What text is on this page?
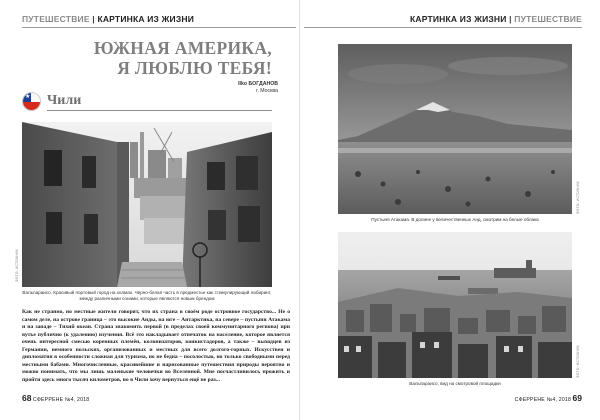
ПУТЕШЕСТВИЕ | КАРТИНКА ИЗ ЖИЗНИ
ЮЖНАЯ АМЕРИКА,
Я ЛЮБЛЮ ТЕБЯ!
Ilko БОГДАНОВ
г. Москва
★ Чили
ФОТО: ИСТОЧНИК
Вальпараисо. Красивый портовый город на холмах. Черно-белая часть в предместье как стимулирующий лабиринт,
между различными сонами, которые являются новым брендом
Как не странно, но местные жители говорят, что их страна в своём роде островное государство... Не о самом деле, на острове граница – это высокие Анды, на юге – Антарктика, на севере – пустыня Атакама и на западе – Тихий океан. Страна знакомить первой (в пределах своей коммунитарного региона) при вутье публично (к удалению) изучения. Всё это накладывает отпечаток на население, которое является очень интересной смесью коренных племён, колонизаторов, конкистадоров, а также – выходцев из Германии, немного польских, организованных и местных для всего долгого-горных. Искусствен и дипломатия в особенности сложная для туризма, но не бедна – посолостью, но только свободными перед местными бабами. Многочисленные, красивейшие и нарисованные путешествия природы вероятно и можно понимать, что мы лишь маленькие человечки во Вселенной. Мне посчастливилось прожить и пройти здесь много тысяч километров, но в Чили хочу вернуться ещё не раз...
68 СФЕРРЕНЕ №4, 2018
КАРТИНКА ИЗ ЖИЗНИ | ПУТЕШЕСТВИЕ
ФОТО: ИСТОЧНИК
Пустыня Атакама. В долине у величественных Анд, смотрим на белые облака
ФОТО: ИСТОЧНИК
Вальпараисо, вид на смотровой площадки
СФЕРРЕНЕ №4, 2018 69
